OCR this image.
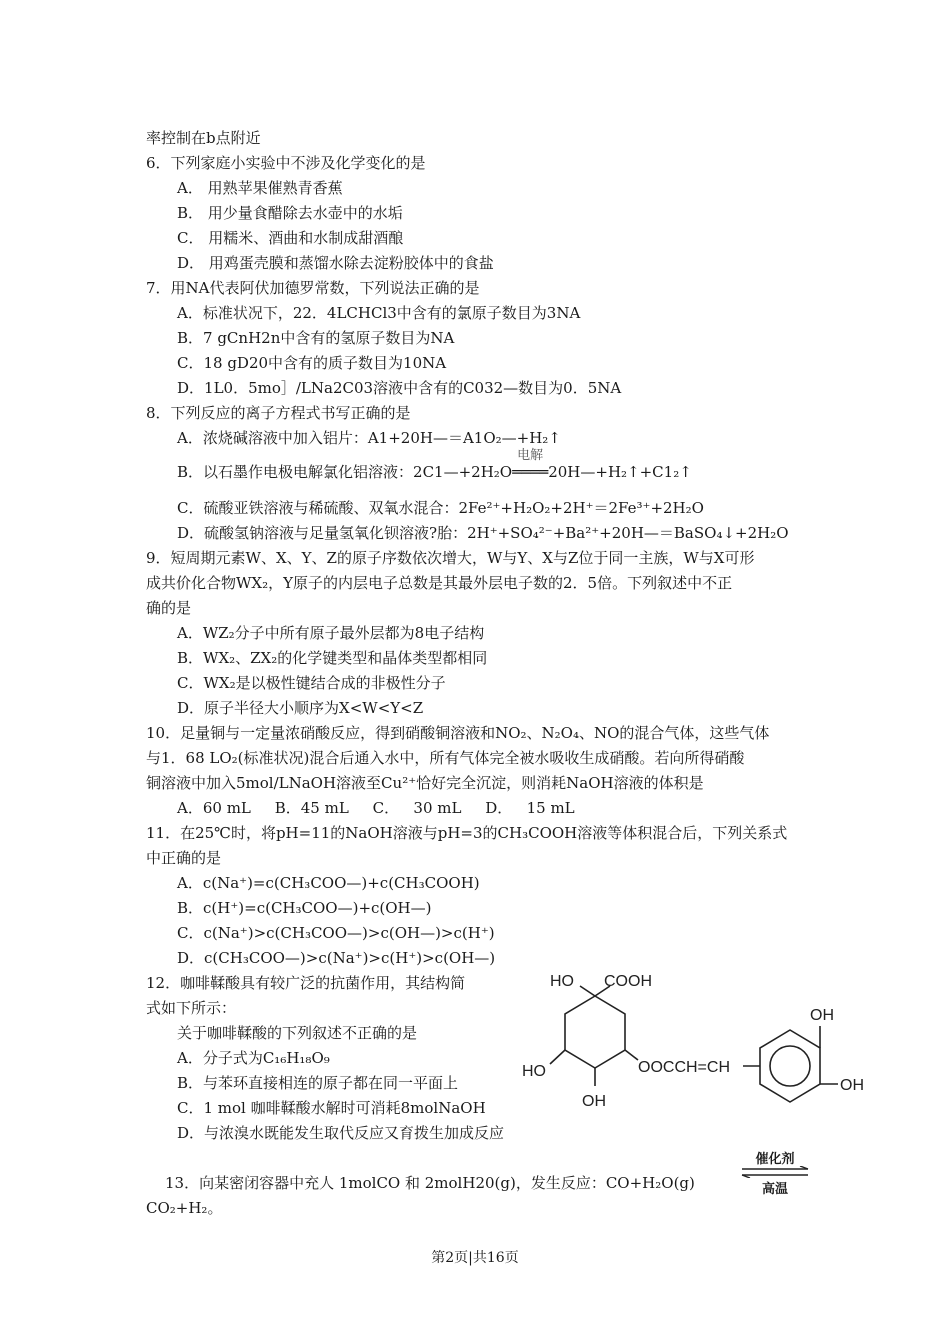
率控制在b点附近
6．下列家庭小实验中不涉及化学变化的是
A． 用熟苹果催熟青香蕉
B． 用少量食醋除去水壶中的水垢
C． 用糯米、酒曲和水制成甜酒酿
D． 用鸡蛋壳膜和蒸馏水除去淀粉胶体中的食盐
7．用NA代表阿伏加德罗常数，下列说法正确的是
A．标准状况下，22．4LCHCl3中含有的氯原子数目为3NA
B．7 gCnH2n中含有的氢原子数目为NA
C．18 gD20中含有的质子数目为10NA
D．1L0．5mo］/LNa2C03溶液中含有的C032—数目为0．5NA
8．下列反应的离子方程式书写正确的是
A．浓烧碱溶液中加入铝片：A1+20H—＝A1O₂—+H₂↑
B．以石墨作电极电解氯化铝溶液：2C1—+2H₂O
电解
════20H—+H₂↑+C1₂↑
C．硫酸亚铁溶液与稀硫酸、双氧水混合：2Fe²⁺+H₂O₂+2H⁺＝2Fe³⁺+2H₂O
D．硫酸氢钠溶液与足量氢氧化钡溶液?胎：2H⁺+SO₄²⁻+Ba²⁺+20H—＝BaSO₄↓+2H₂O
9．短周期元素W、X、Y、Z的原子序数依次增大，W与Y、X与Z位于同一主族，W与X可形
成共价化合物WX₂，Y原子的内层电子总数是其最外层电子数的2．5倍。下列叙述中不正
确的是
A．WZ₂分子中所有原子最外层都为8电子结构
B．WX₂、ZX₂的化学键类型和晶体类型都相同
C．WX₂是以极性键结合成的非极性分子
D．原子半径大小顺序为X<W<Y<Z
10．足量铜与一定量浓硝酸反应，得到硝酸铜溶液和NO₂、N₂O₄、NO的混合气体，这些气体
与1．68 LO₂(标准状况)混合后通入水中，所有气体完全被水吸收生成硝酸。若向所得硝酸
铜溶液中加入5mol/LNaOH溶液至Cu²⁺恰好完全沉淀，则消耗NaOH溶液的体积是
A．60 mL     B．45 mL     C．   30 mL     D．   15 mL
11．在25℃时，将pH=11的NaOH溶液与pH=3的CH₃COOH溶液等体积混合后，下列关系式
中正确的是
A．c(Na⁺)=c(CH₃COO—)+c(CH₃COOH)
B．c(H⁺)=c(CH₃COO—)+c(OH—)
C．c(Na⁺)>c(CH₃COO—)>c(OH—)>c(H⁺)
D．c(CH₃COO—)>c(Na⁺)>c(H⁺)>c(OH—)
12．咖啡鞣酸具有较广泛的抗菌作用，其结构简
式如下所示：
关于咖啡鞣酸的下列叙述不正确的是
A．分子式为C₁₆H₁₈O₉
B．与苯环直接相连的原子都在同一平面上
C．1 mol 咖啡鞣酸水解时可消耗8molNaOH
D．与浓溴水既能发生取代反应又育拨生加成反应
HO COOH
HO
OH
OOCCH=CH
OH
OH
13．向某密闭容器中充人 1molCO 和 2molH20(g)，发生反应：CO+H₂O(g)
CO₂+H₂。
催化剂
高温
第2页|共16页
